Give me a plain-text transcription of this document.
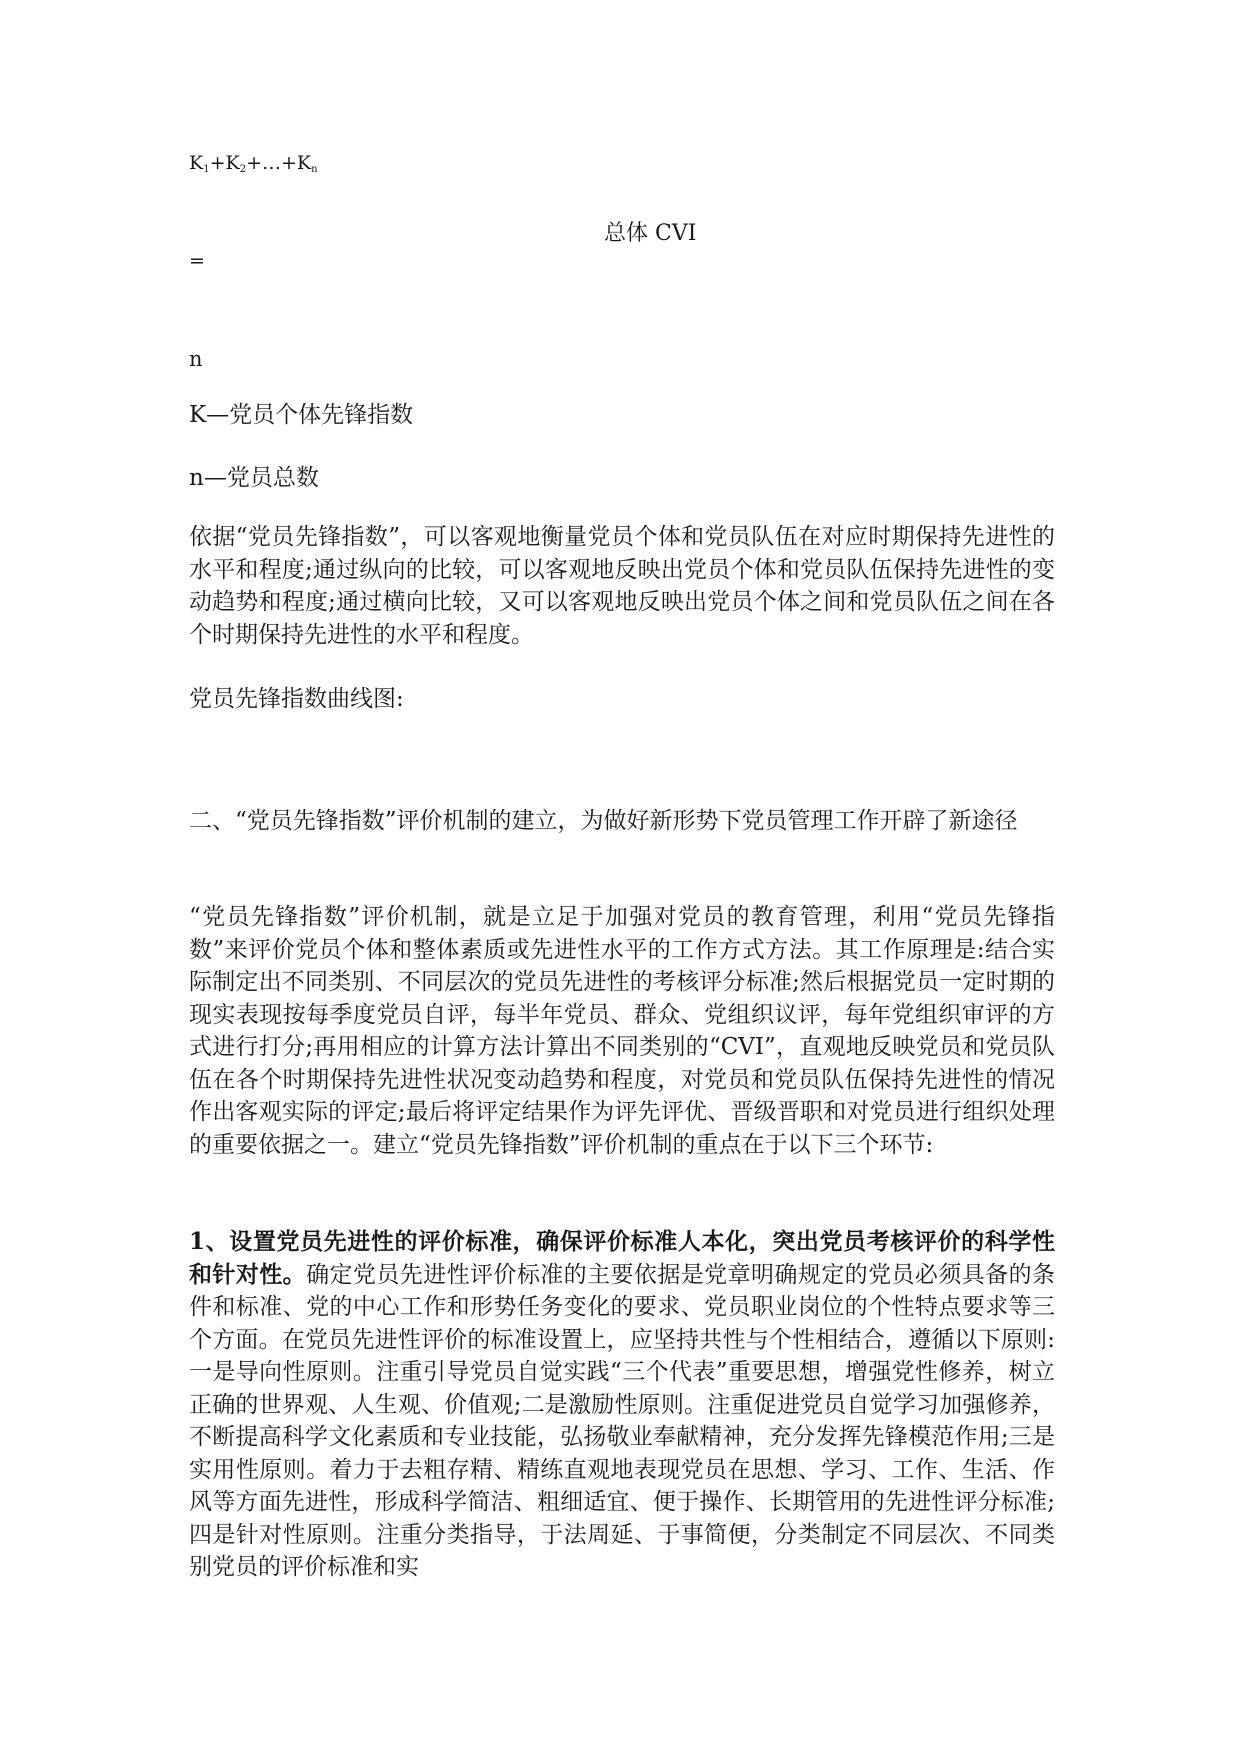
$K_1+K_2+\dots+K_n$
总体 CVI
=
n
K—党员个体先锋指数
n—党员总数

依据“党员先锋指数”，可以客观地衡量党员个体和党员队伍在对应时期保持先进性的水平和程度;通过纵向的比较，可以客观地反映出党员个体和党员队伍保持先进性的变动趋势和程度;通过横向比较，又可以客观地反映出党员个体之间和党员队伍之间在各个时期保持先进性的水平和程度。

党员先锋指数曲线图:

二、“党员先锋指数”评价机制的建立，为做好新形势下党员管理工作开辟了新途径

“党员先锋指数”评价机制，就是立足于加强对党员的教育管理，利用“党员先锋指数”来评价党员个体和整体素质或先进性水平的工作方式方法。其工作原理是:结合实际制定出不同类别、不同层次的党员先进性的考核评分标准;然后根据党员一定时期的现实表现按每季度党员自评，每半年党员、群众、党组织议评，每年党组织审评的方式进行打分;再用相应的计算方法计算出不同类别的“CVI”，直观地反映党员和党员队伍在各个时期保持先进性状况变动趋势和程度，对党员和党员队伍保持先进性的情况作出客观实际的评定;最后将评定结果作为评先评优、晋级晋职和对党员进行组织处理的重要依据之一。建立“党员先锋指数”评价机制的重点在于以下三个环节:

1、设置党员先进性的评价标准，确保评价标准人本化，突出党员考核评价的科学性和针对性。确定党员先进性评价标准的主要依据是党章明确规定的党员必须具备的条件和标准、党的中心工作和形势任务变化的要求、党员职业岗位的个性特点要求等三个方面。在党员先进性评价的标准设置上，应坚持共性与个性相结合，遵循以下原则:一是导向性原则。注重引导党员自觉实践“三个代表”重要思想，增强党性修养，树立正确的世界观、人生观、价值观;二是激励性原则。注重促进党员自觉学习加强修养，不断提高科学文化素质和专业技能，弘扬敬业奉献精神，充分发挥先锋模范作用;三是实用性原则。着力于去粗存精、精练直观地表现党员在思想、学习、工作、生活、作风等方面先进性，形成科学简洁、粗细适宜、便于操作、长期管用的先进性评分标准;四是针对性原则。注重分类指导，于法周延、于事简便，分类制定不同层次、不同类别党员的评价标准和实
